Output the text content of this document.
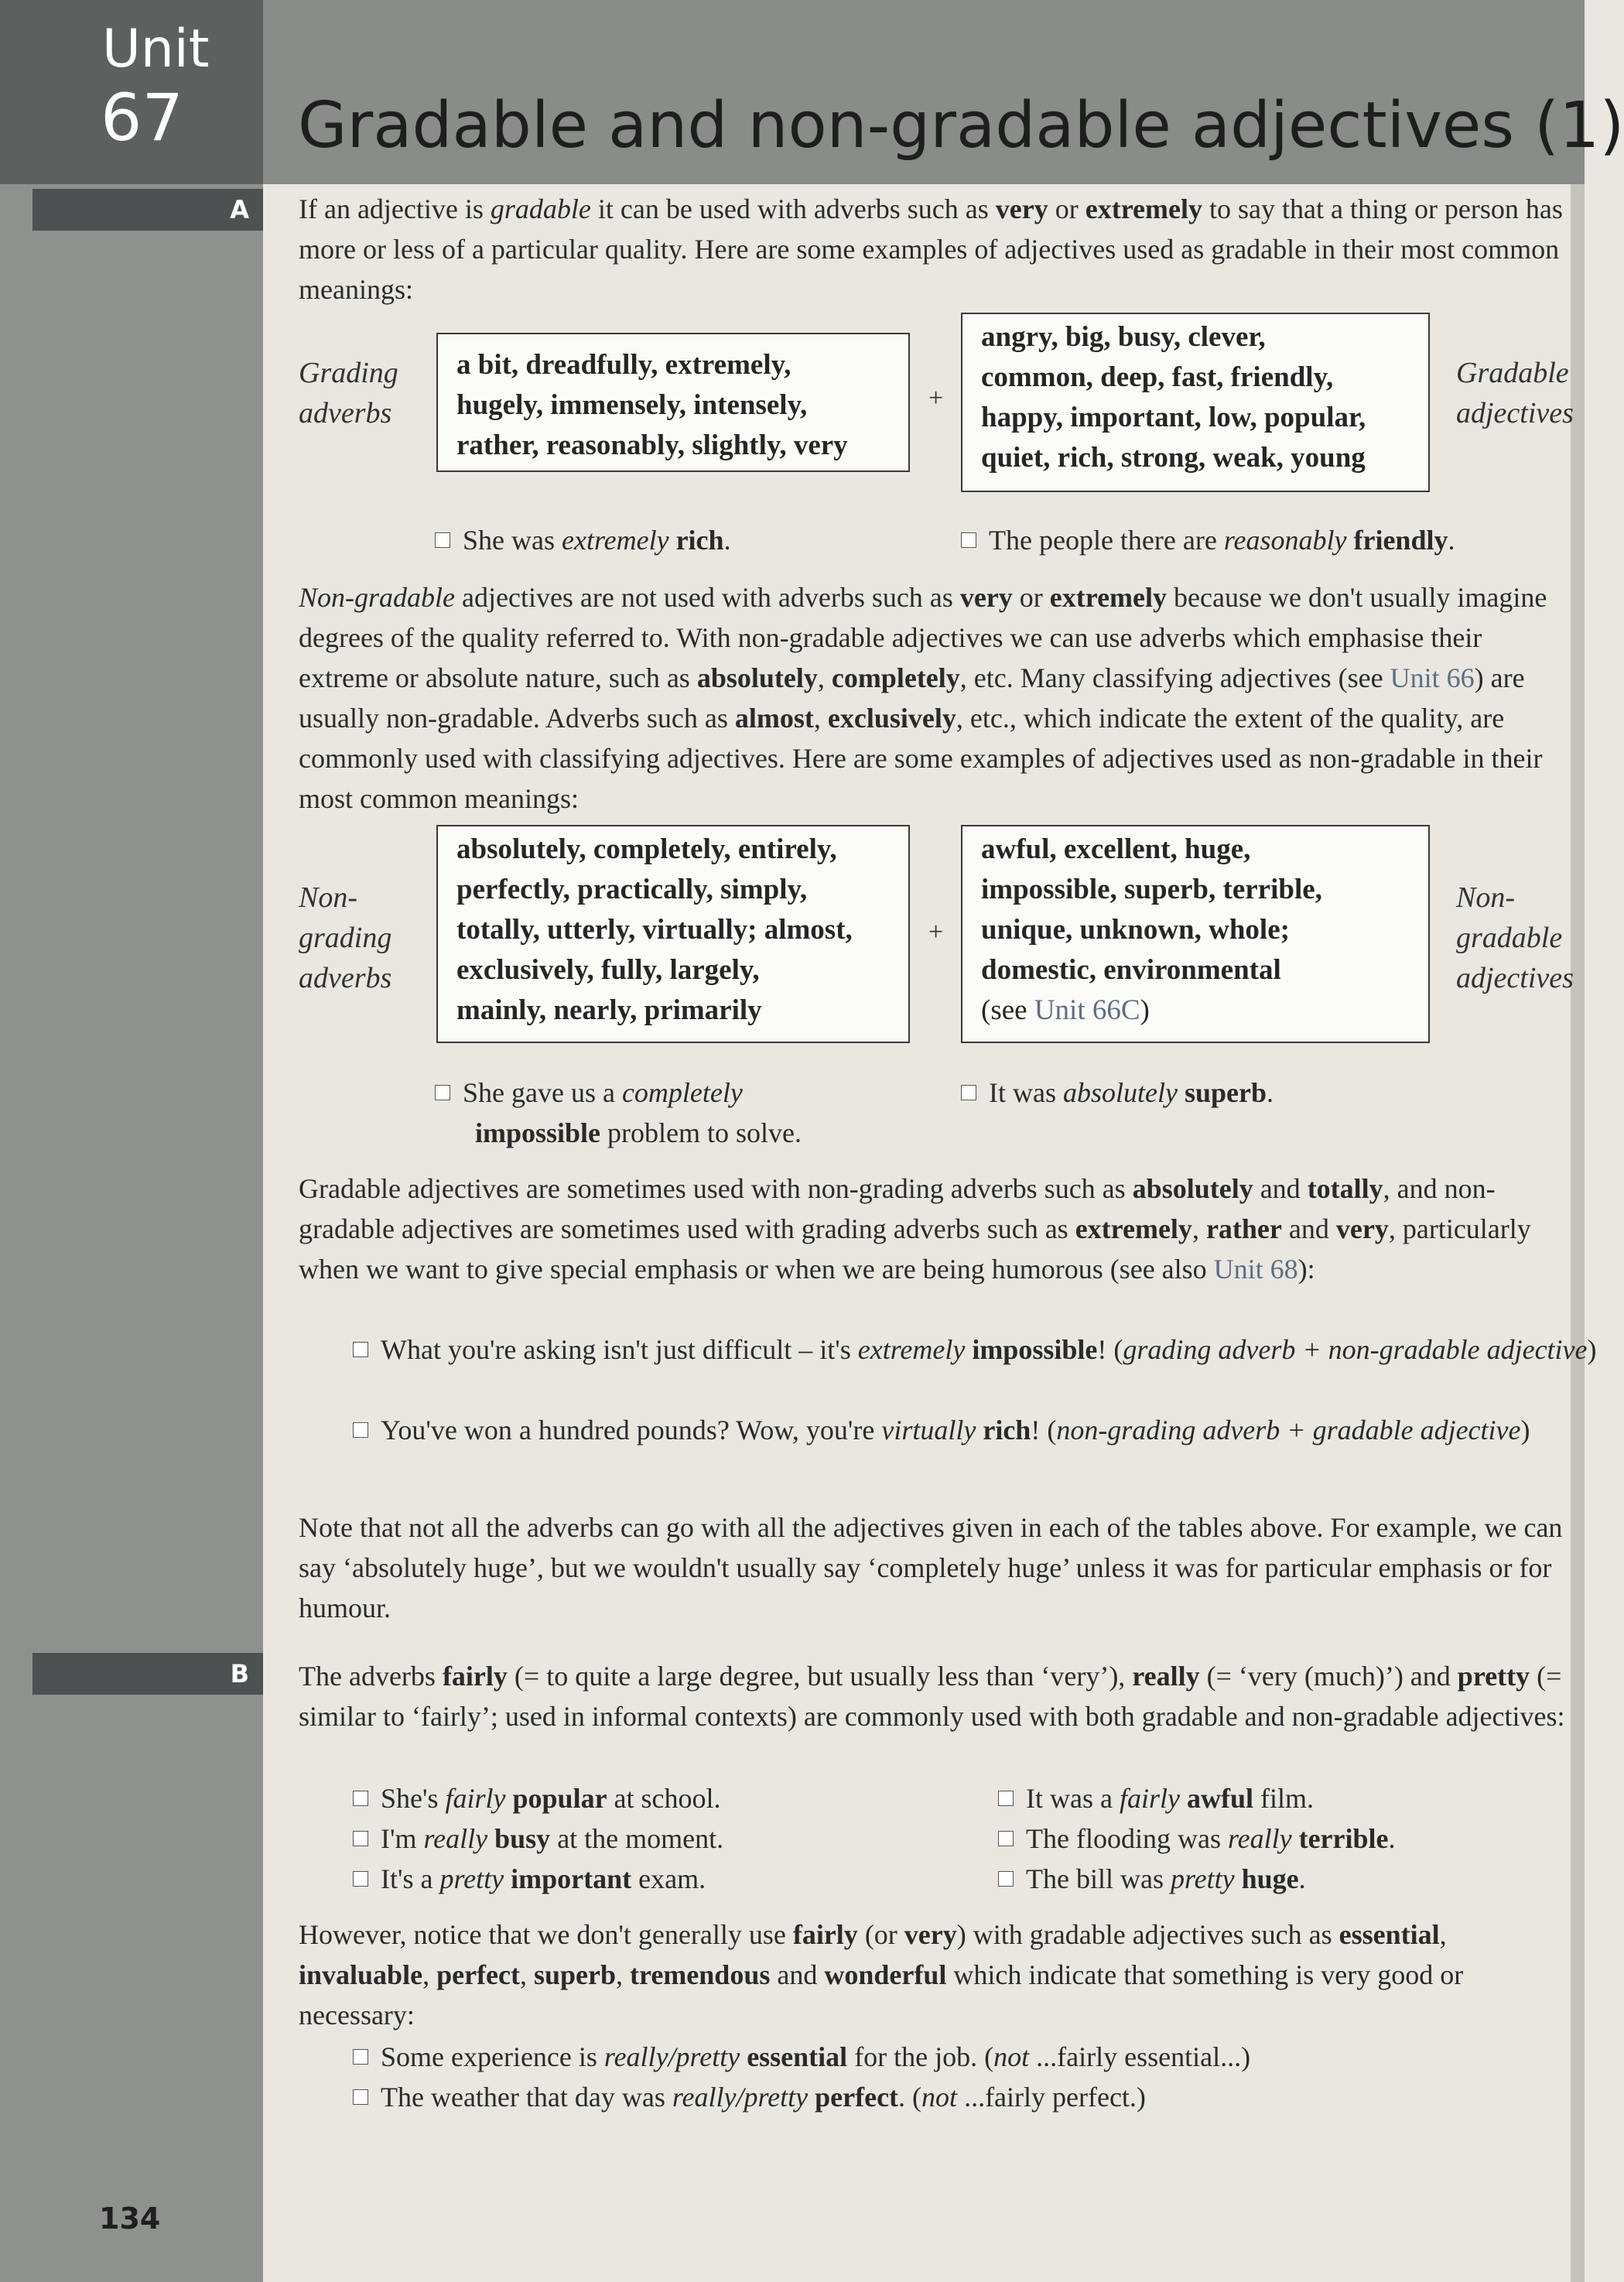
Unit
67 Gradable and non-gradable adjectives (1)
A
B
134

If an adjective is gradable it can be used with adverbs such as very or extremely to say that a thing or person has more or less of a particular quality. Here are some examples of adjectives used as gradable in their most common meanings:

Grading
adverbs
a bit, dreadfully, extremely,
hugely, immensely, intensely,
rather, reasonably, slightly, very
+
angry, big, busy, clever,
common, deep, fast, friendly,
happy, important, low, popular,
quiet, rich, strong, weak, young
Gradable
adjectives
She was extremely rich.	The people there are reasonably friendly.

Non-gradable adjectives are not used with adverbs such as very or extremely because we don't usually imagine degrees of the quality referred to. With non-gradable adjectives we can use adverbs which emphasise their extreme or absolute nature, such as absolutely, completely, etc. Many classifying adjectives (see Unit 66) are usually non-gradable. Adverbs such as almost, exclusively, etc., which indicate the extent of the quality, are commonly used with classifying adjectives. Here are some examples of adjectives used as non-gradable in their most common meanings:

Non-
grading
adverbs
absolutely, completely, entirely,
perfectly, practically, simply,
totally, utterly, virtually; almost,
exclusively, fully, largely,
mainly, nearly, primarily
+
awful, excellent, huge,
impossible, superb, terrible,
unique, unknown, whole;
domestic, environmental
(see Unit 66C)
Non-
gradable
adjectives
She gave us a completely
impossible problem to solve.
It was absolutely superb.

Gradable adjectives are sometimes used with non-grading adverbs such as absolutely and totally, and non-gradable adjectives are sometimes used with grading adverbs such as extremely, rather and very, particularly when we want to give special emphasis or when we are being humorous (see also Unit 68):

What you're asking isn't just difficult – it's extremely impossible! (grading adverb + non-gradable adjective)
You've won a hundred pounds? Wow, you're virtually rich! (non-grading adverb + gradable adjective)

Note that not all the adverbs can go with all the adjectives given in each of the tables above. For example, we can say ‘absolutely huge’, but we wouldn't usually say ‘completely huge’ unless it was for particular emphasis or for humour.

The adverbs fairly (= to quite a large degree, but usually less than ‘very’), really (= ‘very (much)’) and pretty (= similar to ‘fairly’; used in informal contexts) are commonly used with both gradable and non-gradable adjectives:

She's fairly popular at school.
I'm really busy at the moment.
It's a pretty important exam.
It was a fairly awful film.
The flooding was really terrible.
The bill was pretty huge.

However, notice that we don't generally use fairly (or very) with gradable adjectives such as essential, invaluable, perfect, superb, tremendous and wonderful which indicate that something is very good or necessary:

Some experience is really/pretty essential for the job. (not ...fairly essential...)
The weather that day was really/pretty perfect. (not ...fairly perfect.)
